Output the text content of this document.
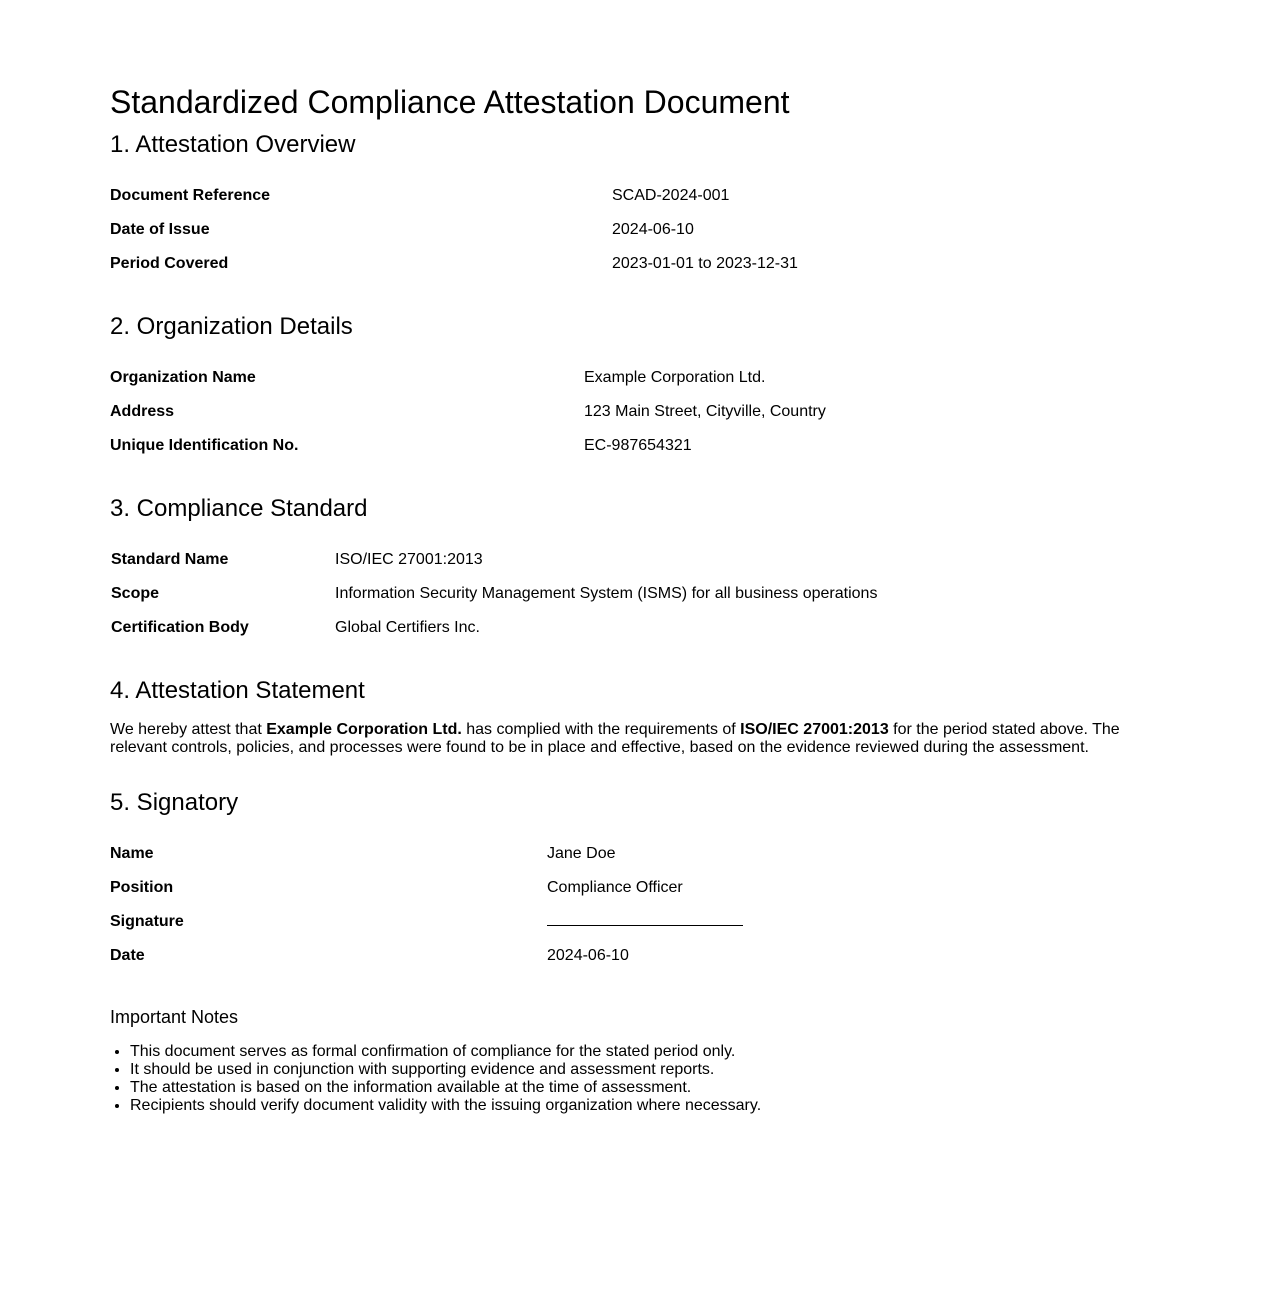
Standardized Compliance Attestation Document
1. Attestation Overview
Document Reference	SCAD-2024-001
Date of Issue	2024-06-10
Period Covered	2023-01-01 to 2023-12-31
2. Organization Details
Organization Name	Example Corporation Ltd.
Address	123 Main Street, Cityville, Country
Unique Identification No.	EC-987654321
3. Compliance Standard
Standard Name	ISO/IEC 27001:2013
Scope	Information Security Management System (ISMS) for all business operations
Certification Body	Global Certifiers Inc.
4. Attestation Statement

We hereby attest that Example Corporation Ltd. has complied with the requirements of ISO/IEC 27001:2013 for the period stated above. The relevant controls, policies, and processes were found to be in place and effective, based on the evidence reviewed during the assessment.

5. Signatory
Name	Jane Doe
Position	Compliance Officer
Signature	
Date	2024-06-10
Important Notes
• This document serves as formal confirmation of compliance for the stated period only.
• It should be used in conjunction with supporting evidence and assessment reports.
• The attestation is based on the information available at the time of assessment.
• Recipients should verify document validity with the issuing organization where necessary.
